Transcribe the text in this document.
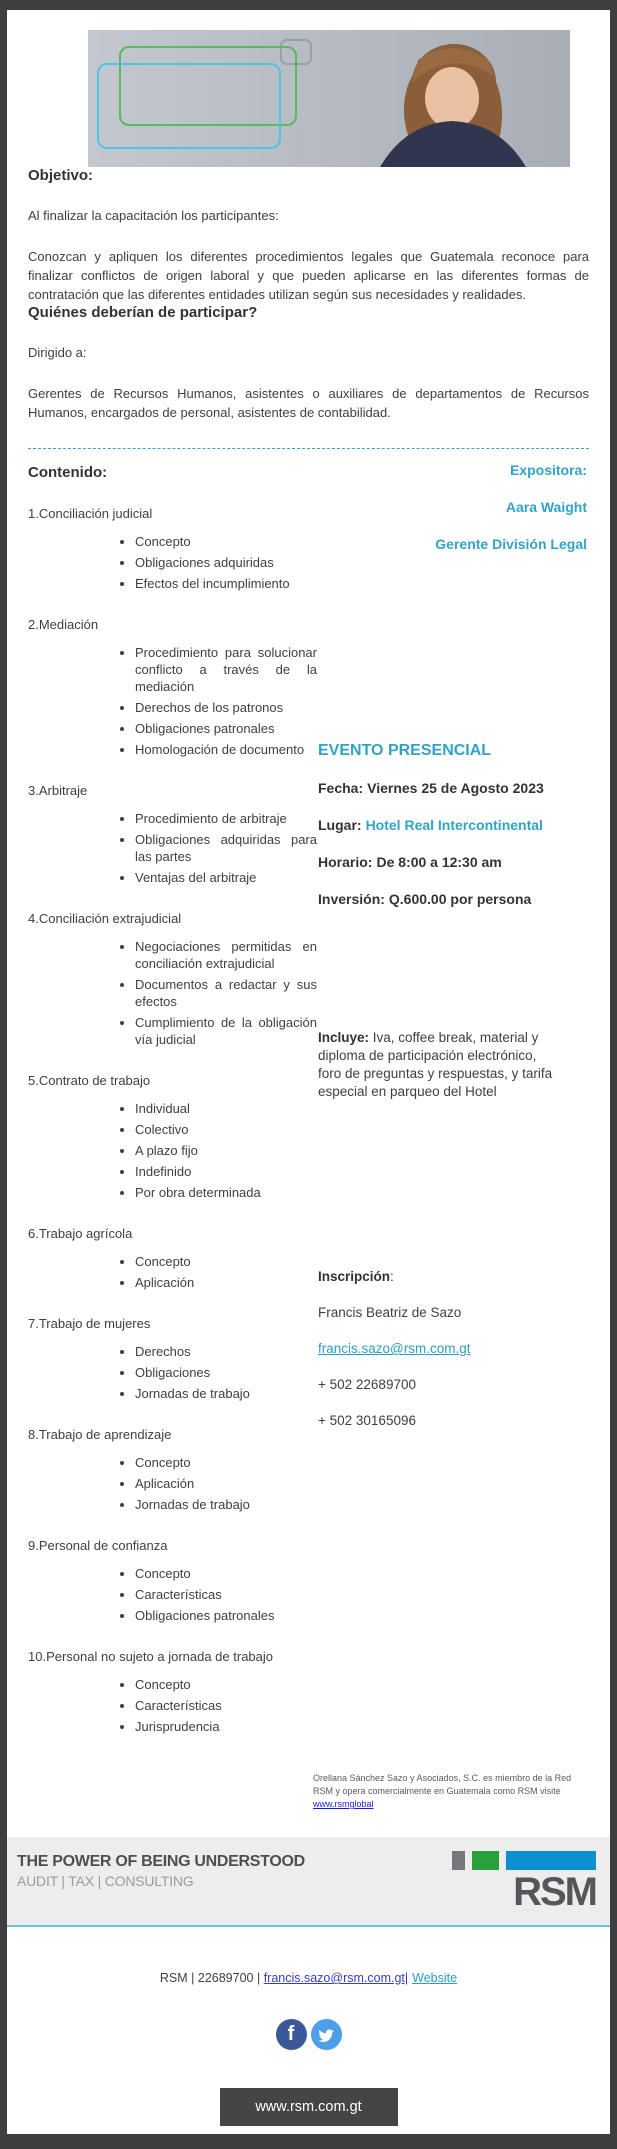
Objetivo:

Al finalizar la capacitación los participantes:

Conozcan y apliquen los diferentes procedimientos legales que Guatemala reconoce para finalizar conflictos de origen laboral y que pueden aplicarse en las diferentes formas de contratación que las diferentes entidades utilizan según sus necesidades y realidades.

Quiénes deberían de participar?

Dirigido a:

Gerentes de Recursos Humanos, asistentes o auxiliares de departamentos de Recursos Humanos, encargados de personal, asistentes de contabilidad.

Contenido:
1.Conciliación judicial
• Concepto
• Obligaciones adquiridas
• Efectos del incumplimiento
2.Mediación
• Procedimiento para solucionar conflicto a través de la mediación
• Derechos de los patronos
• Obligaciones patronales
• Homologación de documento
3.Arbitraje
• Procedimiento de arbitraje
• Obligaciones adquiridas para las partes
• Ventajas del arbitraje
4.Conciliación extrajudicial
• Negociaciones permitidas en conciliación extrajudicial
• Documentos a redactar y sus efectos
• Cumplimiento de la obligación vía judicial
5.Contrato de trabajo
• Individual
• Colectivo
• A plazo fijo
• Indefinido
• Por obra determinada
6.Trabajo agrícola
• Concepto
• Aplicación
7.Trabajo de mujeres
• Derechos
• Obligaciones
• Jornadas de trabajo
8.Trabajo de aprendizaje
• Concepto
• Aplicación
• Jornadas de trabajo
9.Personal de confianza
• Concepto
• Características
• Obligaciones patronales
10.Personal no sujeto a jornada de trabajo
• Concepto
• Características
• Jurisprudencia
Expositora:
Aara Waight
Gerente División Legal
EVENTO PRESENCIAL
Fecha: Viernes 25 de Agosto 2023
Lugar: Hotel Real Intercontinental
Horario: De 8:00 a 12:30 am
Inversión: Q.600.00 por persona
Incluye: Iva, coffee break, material y diploma de participación electrónico, foro de preguntas y respuestas, y tarifa especial en parqueo del Hotel
Inscripción:
Francis Beatriz de Sazo
francis.sazo@rsm.com.gt
+ 502 22689700
+ 502 30165096
Orellana Sánchez Sazo y Asociados, S.C. es miembro de la Red RSM y opera comercialmente en Guatemala como RSM visite www.rsmglobal
THE POWER OF BEING UNDERSTOOD
AUDIT | TAX | CONSULTING	RSM
RSM | 22689700 | francis.sazo@rsm.com.gt| Website
f
www.rsm.com.gt
